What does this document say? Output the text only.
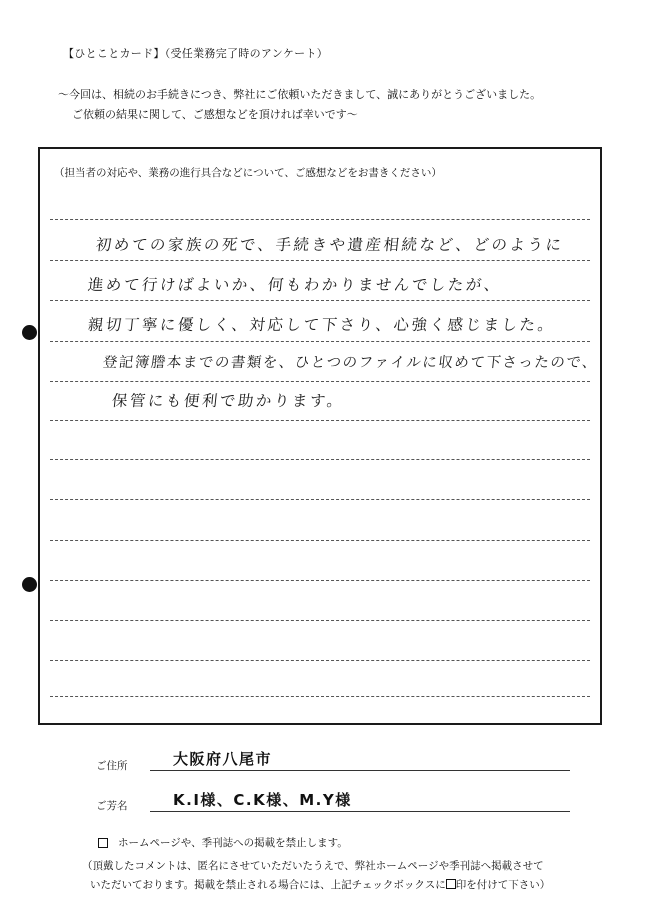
【ひとことカード】（受任業務完了時のアンケート）
～今回は、相続のお手続きにつき、弊社にご依頼いただきまして、誠にありがとうございました。
ご依頼の結果に関して、ご感想などを頂ければ幸いです～
（担当者の対応や、業務の進行具合などについて、ご感想などをお書きください）
初めての家族の死で、手続きや遺産相続など、どのように
進めて行けばよいか、何もわかりませんでしたが、
親切丁寧に優しく、対応して下さり、心強く感じました。
登記簿謄本までの書類を、ひとつのファイルに収めて下さったので、
保管にも便利で助かります。
ご住所	大阪府八尾市
ご芳名	K.I様、C.K様、M.Y様
ホームページや、季刊誌への掲載を禁止します。
（頂戴したコメントは、匿名にさせていただいたうえで、弊社ホームページや季刊誌へ掲載させて
いただいております。掲載を禁止される場合には、上記チェックボックスに 印を付けて下さい）
